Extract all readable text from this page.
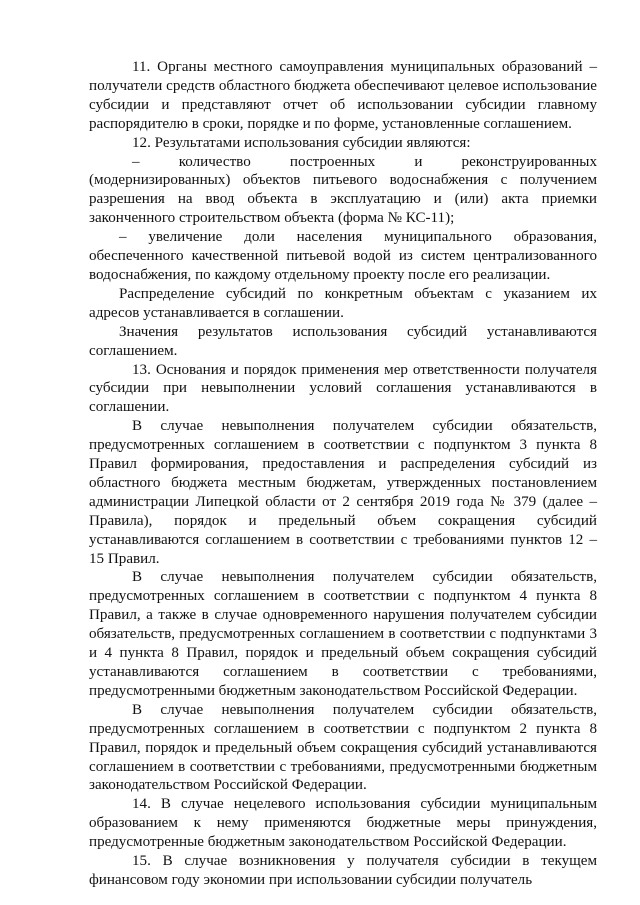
11. Органы местного самоуправления муниципальных образований – получатели средств областного бюджета обеспечивают целевое использование субсидии и представляют отчет об использовании субсидии главному распорядителю в сроки, порядке и по форме, установленные соглашением.

12. Результатами использования субсидии являются:

– количество построенных и реконструированных (модернизированных) объектов питьевого водоснабжения с получением разрешения на ввод объекта в эксплуатацию и (или) акта приемки законченного строительством объекта (форма № КС-11);

– увеличение доли населения муниципального образования, обеспеченного качественной питьевой водой из систем централизованного водоснабжения, по каждому отдельному проекту после его реализации.

Распределение субсидий по конкретным объектам с указанием их адресов устанавливается в соглашении.

Значения результатов использования субсидий устанавливаются соглашением.

13. Основания и порядок применения мер ответственности получателя субсидии при невыполнении условий соглашения устанавливаются в соглашении.

В случае невыполнения получателем субсидии обязательств, предусмотренных соглашением в соответствии с подпунктом 3 пункта 8 Правил формирования, предоставления и распределения субсидий из областного бюджета местным бюджетам, утвержденных постановлением администрации Липецкой области от 2 сентября 2019 года № 379 (далее – Правила), порядок и предельный объем сокращения субсидий устанавливаются соглашением в соответствии с требованиями пунктов 12 – 15 Правил.

В случае невыполнения получателем субсидии обязательств, предусмотренных соглашением в соответствии с подпунктом 4 пункта 8 Правил, а также в случае одновременного нарушения получателем субсидии обязательств, предусмотренных соглашением в соответствии с подпунктами 3 и 4 пункта 8 Правил, порядок и предельный объем сокращения субсидий устанавливаются соглашением в соответствии с требованиями, предусмотренными бюджетным законодательством Российской Федерации.

В случае невыполнения получателем субсидии обязательств, предусмотренных соглашением в соответствии с подпунктом 2 пункта 8 Правил, порядок и предельный объем сокращения субсидий устанавливаются соглашением в соответствии с требованиями, предусмотренными бюджетным законодательством Российской Федерации.

14. В случае нецелевого использования субсидии муниципальным образованием к нему применяются бюджетные меры принуждения, предусмотренные бюджетным законодательством Российской Федерации.

15. В случае возникновения у получателя субсидии в текущем финансовом году экономии при использовании субсидии получатель
